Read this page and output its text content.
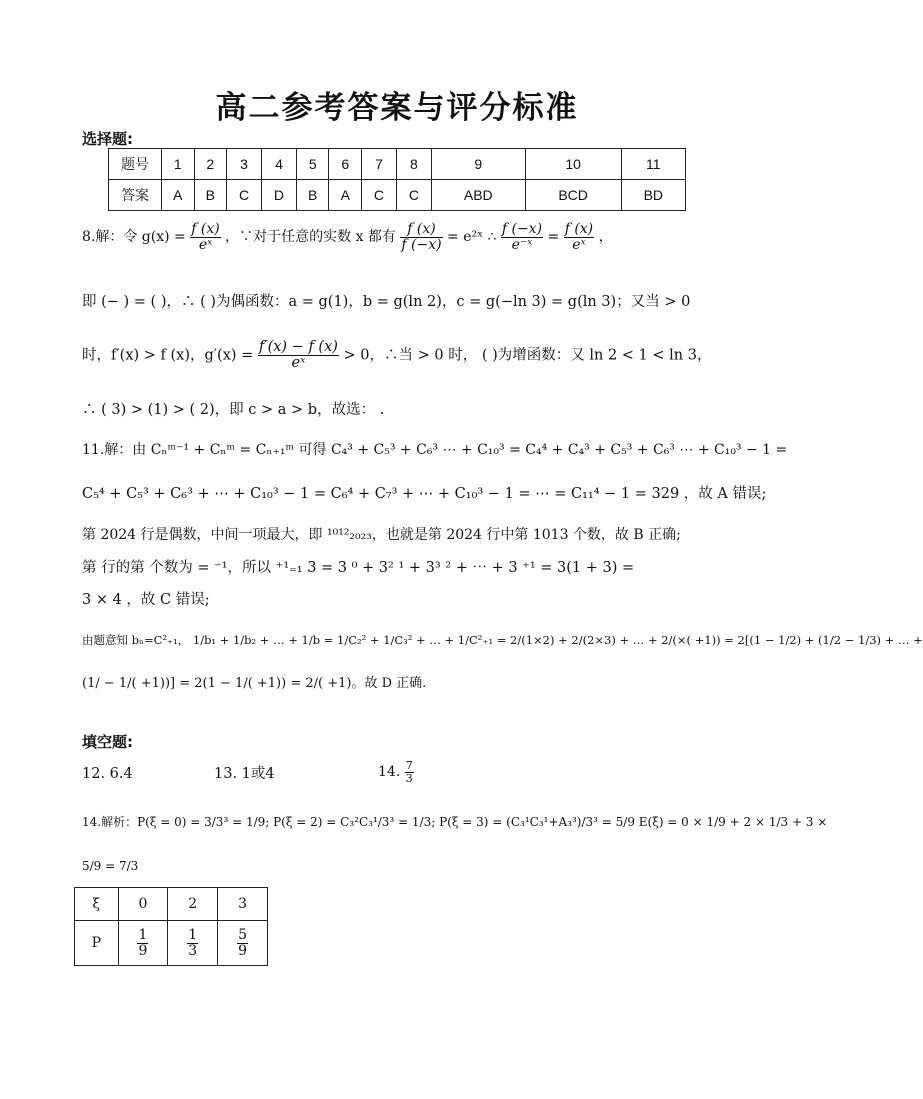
高二参考答案与评分标准
选择题:
题号	1	2	3	4	5	6	7	8	9	10	11
答案	A	B	C	D	B	A	C	C	ABD	BCD	BD
8.解：令 $g(x) = \frac{f (x)}{\text{eˣ}}$ ，∵对于任意的实数 x 都有 $\frac{f (x)}{f (-x)}$ = e²ˣ ∴ $\frac{f (-x)}{\text{e⁻ˣ}} = \frac{f (x)}{\text{eˣ}}$ ，
即 (− ) = ( )，∴ ( )为偶函数：a = g(1)，b = g(ln 2)，c = g(−ln 3) = g(ln 3)；又当 > 0
时，f′(x) > f (x)，$g'(x) = \frac{f'(x) - f (x)}{\text{eˣ}} > 0$，∴当 > 0 时， ( )为增函数：又 ln 2 < 1 < ln 3，
∴ ( 3) > (1) > ( 2)，即 c > a > b，故选： .
11.解：由 Cₙᵐ⁻¹ + Cₙᵐ = Cₙ₊₁ᵐ 可得 C₄³ + C₅³ + C₆³ ⋯ + C₁₀³ = C₄⁴ + C₄³ + C₅³ + C₆³ ⋯ + C₁₀³ − 1 =
C₅⁴ + C₅³ + C₆³ + ⋯ + C₁₀³ − 1 = C₆⁴ + C₇³ + ⋯ + C₁₀³ − 1 = ⋯ = C₁₁⁴ − 1 = 329 ，故 A 错误;
第 2024 行是偶数，中间一项最大，即 ¹⁰¹²₂₀₂₃，也就是第 2024 行中第 1013 个数，故 B 正确;
第 行的第 个数为 = ⁻¹，所以 ⁺¹₌₁ 3 = 3 ⁰ + 3² ¹ + 3³ ² + ⋯ + 3 ⁺¹ = 3(1 + 3) =
3 × 4 ，故 C 错误;
由题意知 bₙ=C²₊₁， 1/b₁ + 1/b₂ + … + 1/b = 1/C₂² + 1/C₃² + … + 1/C²₊₁ = 2/(1×2) + 2/(2×3) + … + 2/(×( +1)) = 2[(1 − 1/2) + (1/2 − 1/3) + … +
(1/ − 1/( +1))] = 2(1 − 1/( +1)) = 2/( +1)。故 D 正确.
填空题:
12. 6.4	13. 1或4	14. $\frac{7}{3}$
14.解析：P(ξ = 0) = 3/3³ = 1/9; P(ξ = 2) = C₃²C₃¹/3³ = 1/3; P(ξ = 3) = (C₃¹C₃¹+A₃³)/3³ = 5/9 E(ξ) = 0 × 1/9 + 2 × 1/3 + 3 ×
5/9 = 7/3
ξ	0	2	3
P	$\frac{1}{9}$	$\frac{1}{3}$	$\frac{5}{9}$
